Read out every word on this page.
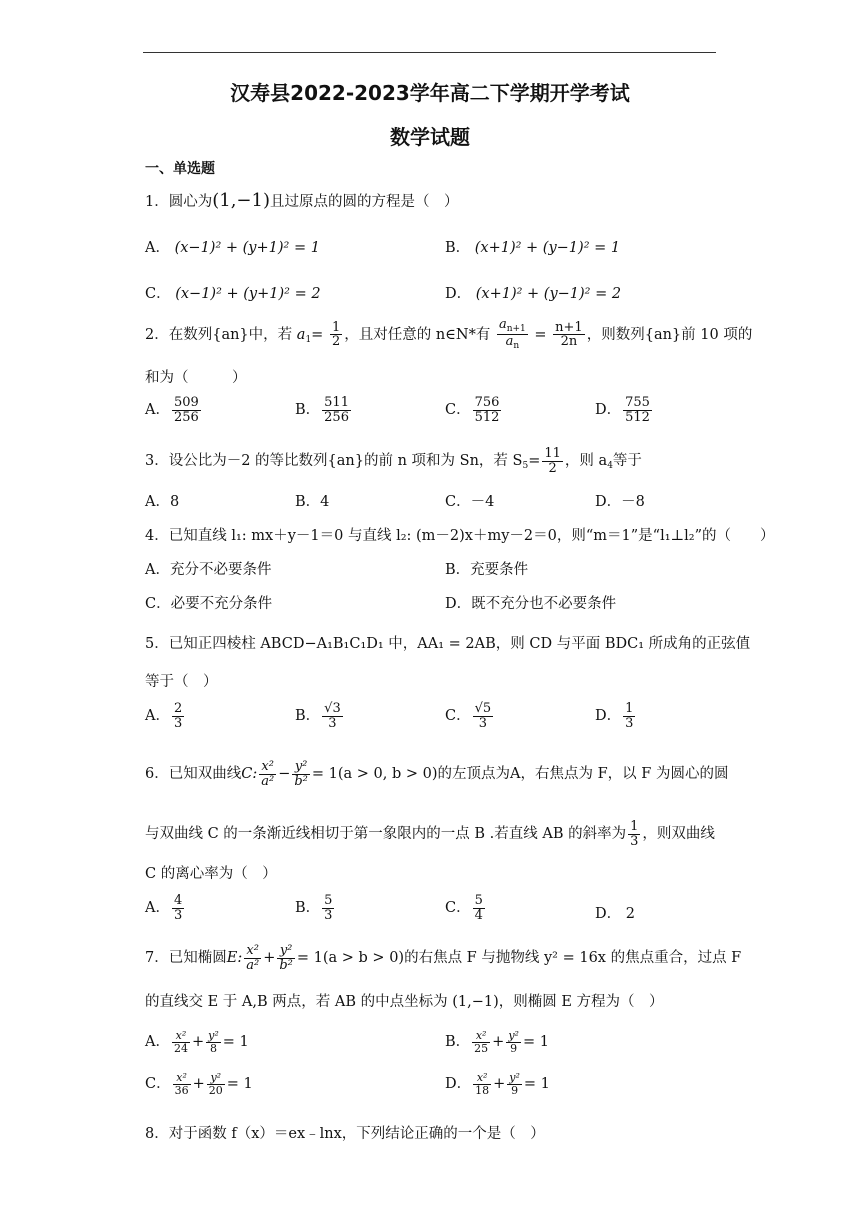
汉寿县2022-2023学年高二下学期开学考试
数学试题
一、单选题
1．圆心为(1,−1)且过原点的圆的方程是（　）
A． (x−1)² + (y+1)² = 1	B． (x+1)² + (y−1)² = 1
C． (x−1)² + (y+1)² = 2	D． (x+1)² + (y−1)² = 2
2．在数列{an}中，若 $a_1= \frac{1}{2}$ ，且对任意的 n∈N*有 $\frac{a_{n+1}}{a_n} = \frac{n+1}{2n}$ ，则数列{an}前 10 项的
和为（　　　）
A． $\frac{509}{256}$	B． $\frac{511}{256}$	C． $\frac{756}{512}$	D． $\frac{755}{512}$
3．设公比为－2 的等比数列{an}的前 n 项和为 Sn，若 $S_5= \frac{11}{2}$ ，则 $a_4$等于
A．8	B．4	C．－4	D．－8
4．已知直线 l₁: mx＋y－1＝0 与直线 l₂: (m－2)x＋my－2＝0，则“m＝1”是“l₁⊥l₂”的（　　）
A．充分不必要条件	B．充要条件
C．必要不充分条件	D．既不充分也不必要条件
5．已知正四棱柱 ABCD−A₁B₁C₁D₁ 中，AA₁ = 2AB，则 CD 与平面 BDC₁ 所成角的正弦值
等于（　）
A． $\frac{2}{3}$	B． $\frac{√3}{3}$	C． $\frac{√5}{3}$	D． $\frac{1}{3}$
6．已知双曲线C: $\frac{\text{x²}}{\text{a²}} - \frac{\text{y²}}{\text{b²}} = 1(a > 0$, b > 0)的左顶点为A，右焦点为 F，以 F 为圆心的圆
与双曲线 C 的一条渐近线相切于第一象限内的一点 B .若直线 AB 的斜率为 $\frac{1}{3}$ ，则双曲线
C 的离心率为（　）
A． $\frac{4}{3}$	B． $\frac{5}{3}$	C． $\frac{5}{4}$	D． 2
7．已知椭圆E: $\frac{\text{x²}}{\text{a²}} + \frac{\text{y²}}{\text{b²}} = 1(a > b > 0)$的右焦点 F 与抛物线 y² = 16x 的焦点重合，过点 F
的直线交 E 于 A,B 两点，若 AB 的中点坐标为 (1,−1)，则椭圆 E 方程为（　）
A． $\frac{\text{x²}}{24} + \frac{\text{y²}}{8} = 1$	B． $\frac{\text{x²}}{25} + \frac{\text{y²}}{9} = 1$
C． $\frac{\text{x²}}{36} + \frac{\text{y²}}{20} = 1$	D． $\frac{\text{x²}}{18} + \frac{\text{y²}}{9} = 1$
8．对于函数 f（x）＝ex﹣lnx，下列结论正确的一个是（　）
